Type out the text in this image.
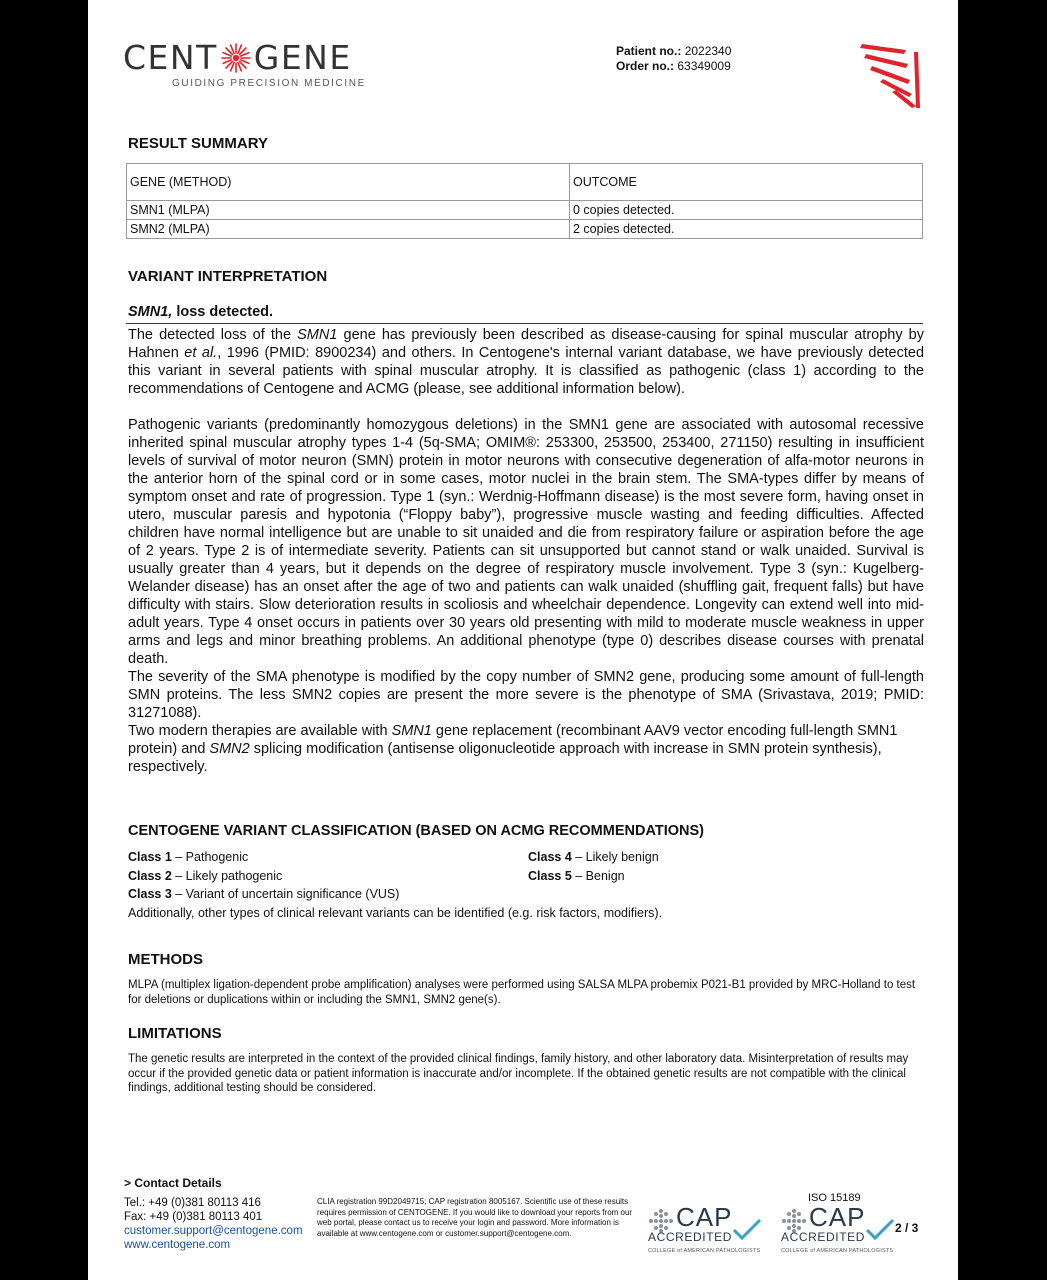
CENT GENE
GUIDING PRECISION MEDICINE
Patient no.: 2022340
Order no.: 63349009
RESULT SUMMARY
GENE (METHOD)	OUTCOME
SMN1 (MLPA)	0 copies detected.
SMN2 (MLPA)	2 copies detected.
VARIANT INTERPRETATION
SMN1, loss detected.

The detected loss of the SMN1 gene has previously been described as disease-causing for spinal muscular atrophy by Hahnen et al., 1996 (PMID: 8900234) and others. In Centogene's internal variant database, we have previously detected this variant in several patients with spinal muscular atrophy. It is classified as pathogenic (class 1) according to the recommendations of Centogene and ACMG (please, see additional information below).

Pathogenic variants (predominantly homozygous deletions) in the SMN1 gene are associated with autosomal recessive inherited spinal muscular atrophy types 1-4 (5q-SMA; OMIM®: 253300, 253500, 253400, 271150) resulting in insufficient levels of survival of motor neuron (SMN) protein in motor neurons with consecutive degeneration of alfa-motor neurons in the anterior horn of the spinal cord or in some cases, motor nuclei in the brain stem. The SMA-types differ by means of symptom onset and rate of progression. Type 1 (syn.: Werdnig-Hoffmann disease) is the most severe form, having onset in utero, muscular paresis and hypotonia (“Floppy baby”), progressive muscle wasting and feeding difficulties. Affected children have normal intelligence but are unable to sit unaided and die from respiratory failure or aspiration before the age of 2 years. Type 2 is of intermediate severity. Patients can sit unsupported but cannot stand or walk unaided. Survival is usually greater than 4 years, but it depends on the degree of respiratory muscle involvement. Type 3 (syn.: Kugelberg-Welander disease) has an onset after the age of two and patients can walk unaided (shuffling gait, frequent falls) but have difficulty with stairs. Slow deterioration results in scoliosis and wheelchair dependence. Longevity can extend well into mid-adult years. Type 4 onset occurs in patients over 30 years old presenting with mild to moderate muscle weakness in upper arms and legs and minor breathing problems. An additional phenotype (type 0) describes disease courses with prenatal death.

The severity of the SMA phenotype is modified by the copy number of SMN2 gene, producing some amount of full-length SMN proteins. The less SMN2 copies are present the more severe is the phenotype of SMA (Srivastava, 2019; PMID: 31271088).

Two modern therapies are available with SMN1 gene replacement (recombinant AAV9 vector encoding full-length SMN1 protein) and SMN2 splicing modification (antisense oligonucleotide approach with increase in SMN protein synthesis), respectively.

CENTOGENE VARIANT CLASSIFICATION (BASED ON ACMG RECOMMENDATIONS)
Class 1 – Pathogenic
Class 2 – Likely pathogenic
Class 3 – Variant of uncertain significance (VUS)
Additionally, other types of clinical relevant variants can be identified (e.g. risk factors, modifiers).
Class 4 – Likely benign
Class 5 – Benign
METHODS
MLPA (multiplex ligation-dependent probe amplification) analyses were performed using SALSA MLPA probemix P021-B1 provided by MRC-Holland to test for deletions or duplications within or including the SMN1, SMN2 gene(s).
LIMITATIONS
The genetic results are interpreted in the context of the provided clinical findings, family history, and other laboratory data. Misinterpretation of results may occur if the provided genetic data or patient information is inaccurate and/or incomplete. If the obtained genetic results are not compatible with the clinical findings, additional testing should be considered.
> Contact Details
Tel.: +49 (0)381 80113 416
Fax: +49 (0)381 80113 401
customer.support@centogene.com
www.centogene.com
CLIA registration 99D2049715; CAP registration 8005167. Scientific use of these results requires permission of CENTOGENE. If you would like to download your reports from our web portal, please contact us to receive your login and password. More information is available at www.centogene.com or customer.support@centogene.com.
CAP
ACCREDITED
COLLEGE of AMERICAN PATHOLOGISTS
ISO 15189
CAP
ACCREDITED
COLLEGE of AMERICAN PATHOLOGISTS
2 / 3
